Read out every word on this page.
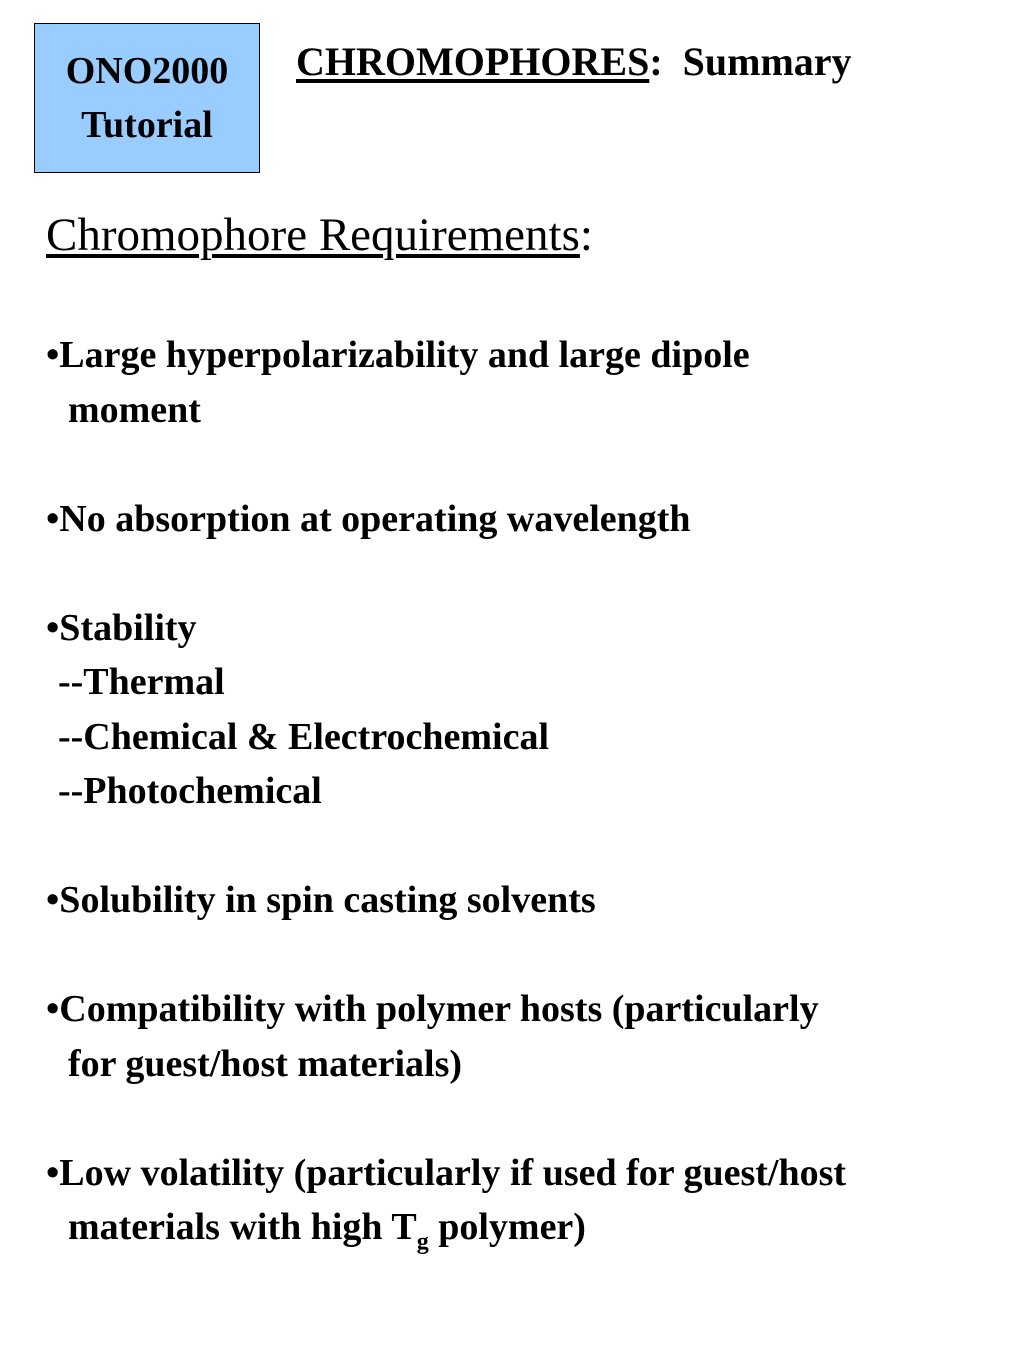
ONO2000
Tutorial
CHROMOPHORES:  Summary
Chromophore Requirements:
•Large hyperpolarizability and large dipole
moment
•No absorption at operating wavelength
•Stability
--Thermal
--Chemical & Electrochemical
--Photochemical
•Solubility in spin casting solvents
•Compatibility with polymer hosts (particularly
for guest/host materials)
•Low volatility (particularly if used for guest/host
materials with high $T_g$ polymer)
